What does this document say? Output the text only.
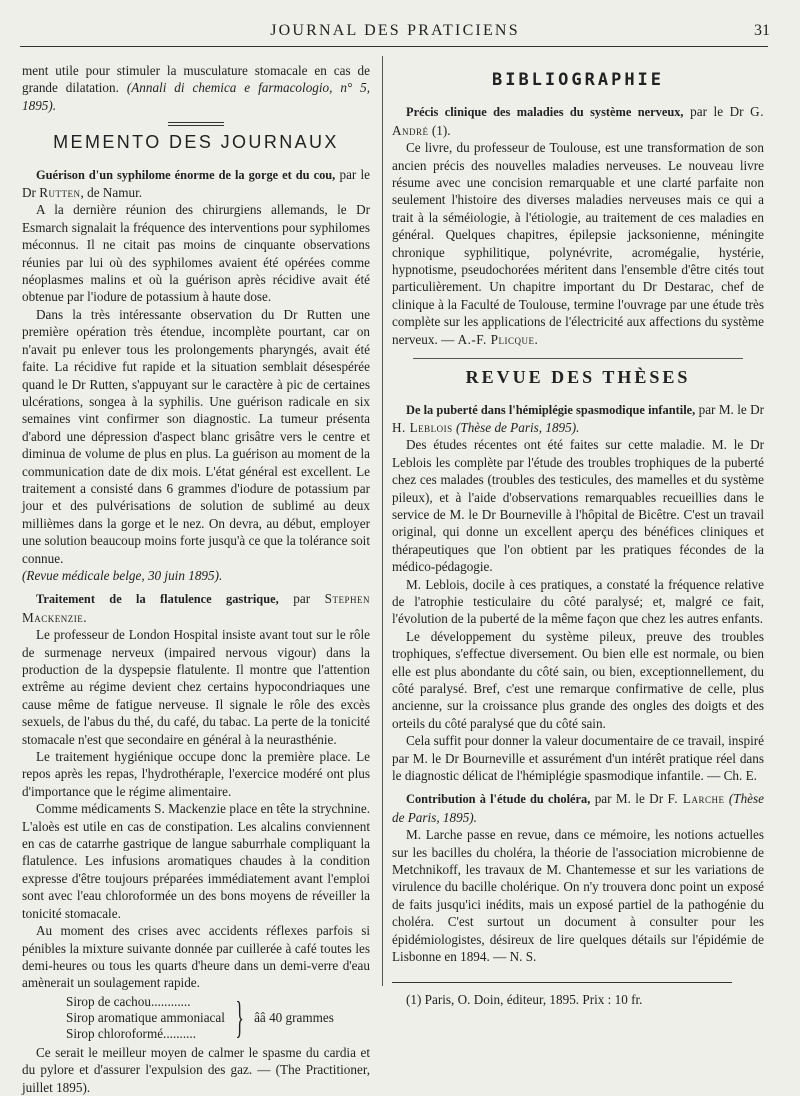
JOURNAL DES PRATICIENS	31

ment utile pour stimuler la musculature stomacale en cas de grande dilatation. (Annali di chemica e farmacologio, n° 5, 1895).

MEMENTO DES JOURNAUX

Guérison d'un syphilome énorme de la gorge et du cou, par le Dr Rutten, de Namur.

A la dernière réunion des chirurgiens allemands, le Dr Esmarch signalait la fréquence des interventions pour syphilomes méconnus. Il ne citait pas moins de cinquante observations réunies par lui où des syphilomes avaient été opérées comme néoplasmes malins et où la guérison après récidive avait été obtenue par l'iodure de potassium à haute dose.

Dans la très intéressante observation du Dr Rutten une première opération très étendue, incomplète pourtant, car on n'avait pu enlever tous les prolongements pharyngés, avait été faite. La récidive fut rapide et la situation semblait désespérée quand le Dr Rutten, s'appuyant sur le caractère à pic de certaines ulcérations, songea à la syphilis. Une guérison radicale en six semaines vint confirmer son diagnostic. La tumeur présenta d'abord une dépression d'aspect blanc grisâtre vers le centre et diminua de volume de plus en plus. La guérison au moment de la communication date de dix mois. L'état général est excellent. Le traitement a consisté dans 6 grammes d'iodure de potassium par jour et des pulvérisations de solution de sublimé au deux millièmes dans la gorge et le nez. On devra, au début, employer une solution beaucoup moins forte jusqu'à ce que la tolérance soit connue.

(Revue médicale belge, 30 juin 1895).

Traitement de la flatulence gastrique, par Stephen Mackenzie.

Le professeur de London Hospital insiste avant tout sur le rôle de surmenage nerveux (impaired nervous vigour) dans la production de la dyspepsie flatulente. Il montre que l'attention extrême au régime devient chez certains hypocondriaques une cause même de fatigue nerveuse. Il signale le rôle des excès sexuels, de l'abus du thé, du café, du tabac. La perte de la tonicité stomacale n'est que secondaire en général à la neurasthénie.

Le traitement hygiénique occupe donc la première place. Le repos après les repas, l'hydrothéraple, l'exercice modéré ont plus d'importance que le régime alimentaire.

Comme médicaments S. Mackenzie place en tête la strychnine. L'aloès est utile en cas de constipation. Les alcalins conviennent en cas de catarrhe gastrique de langue saburrhale compliquant la flatulence. Les infusions aromatiques chaudes à la condition expresse d'être toujours préparées immédiatement avant l'emploi sont avec l'eau chloroformée un des bons moyens de réveiller la tonicité stomacale.

Au moment des crises avec accidents réflexes parfois si pénibles la mixture suivante donnée par cuillerée à café toutes les demi-heures ou tous les quarts d'heure dans un demi-verre d'eau amènerait un soulagement rapide.

Sirop de cachou............
Sirop aromatique ammoniacal
Sirop chloroformé.......... } ââ 40 grammes

Ce serait le meilleur moyen de calmer le spasme du cardia et du pylore et d'assurer l'expulsion des gaz. — (The Practitioner, juillet 1895).

BIBLIOGRAPHIE

Précis clinique des maladies du système nerveux, par le Dr G. André (1).

Ce livre, du professeur de Toulouse, est une transformation de son ancien précis des nouvelles maladies nerveuses. Le nouveau livre résume avec une concision remarquable et une clarté parfaite non seulement l'histoire des diverses maladies nerveuses mais ce qui a trait à la séméiologie, à l'étiologie, au traitement de ces maladies en général. Quelques chapitres, épilepsie jacksonienne, méningite chronique syphilitique, polynévrite, acromégalie, hystérie, hypnotisme, pseudochorées méritent dans l'ensemble d'être cités tout particulièrement. Un chapitre important du Dr Destarac, chef de clinique à la Faculté de Toulouse, termine l'ouvrage par une étude très complète sur les applications de l'électricité aux affections du système nerveux. — A.-F. Plicque.

REVUE DES THÈSES

De la puberté dans l'hémiplégie spasmodique infantile, par M. le Dr H. Leblois (Thèse de Paris, 1895).

Des études récentes ont été faites sur cette maladie. M. le Dr Leblois les complète par l'étude des troubles trophiques de la puberté chez ces malades (troubles des testicules, des mamelles et du système pileux), et à l'aide d'observations remarquables recueillies dans le service de M. le Dr Bourneville à l'hôpital de Bicêtre. C'est un travail original, qui donne un excellent aperçu des bénéfices cliniques et thérapeutiques que l'on obtient par les pratiques fécondes de la médico-pédagogie.

M. Leblois, docile à ces pratiques, a constaté la fréquence relative de l'atrophie testiculaire du côté paralysé; et, malgré ce fait, l'évolution de la puberté de la même façon que chez les autres enfants.

Le développement du système pileux, preuve des troubles trophiques, s'effectue diversement. Ou bien elle est normale, ou bien elle est plus abondante du côté sain, ou bien, exceptionnellement, du côté paralysé. Bref, c'est une remarque confirmative de celle, plus ancienne, sur la croissance plus grande des ongles des doigts et des orteils du côté paralysé que du côté sain.

Cela suffit pour donner la valeur documentaire de ce travail, inspiré par M. le Dr Bourneville et assurément d'un intérêt pratique réel dans le diagnostic délicat de l'hémiplégie spasmodique infantile. — Ch. E.

Contribution à l'étude du choléra, par M. le Dr F. Larche (Thèse de Paris, 1895).

M. Larche passe en revue, dans ce mémoire, les notions actuelles sur les bacilles du choléra, la théorie de l'association microbienne de Metchnikoff, les travaux de M. Chantemesse et sur les variations de virulence du bacille cholérique. On n'y trouvera donc point un exposé de faits jusqu'ici inédits, mais un exposé partiel de la pathogénie du choléra. C'est surtout un document à consulter pour les épidémiologistes, désireux de lire quelques détails sur l'épidémie de Lisbonne en 1894. — N. S.

(1) Paris, O. Doin, éditeur, 1895. Prix : 10 fr.
